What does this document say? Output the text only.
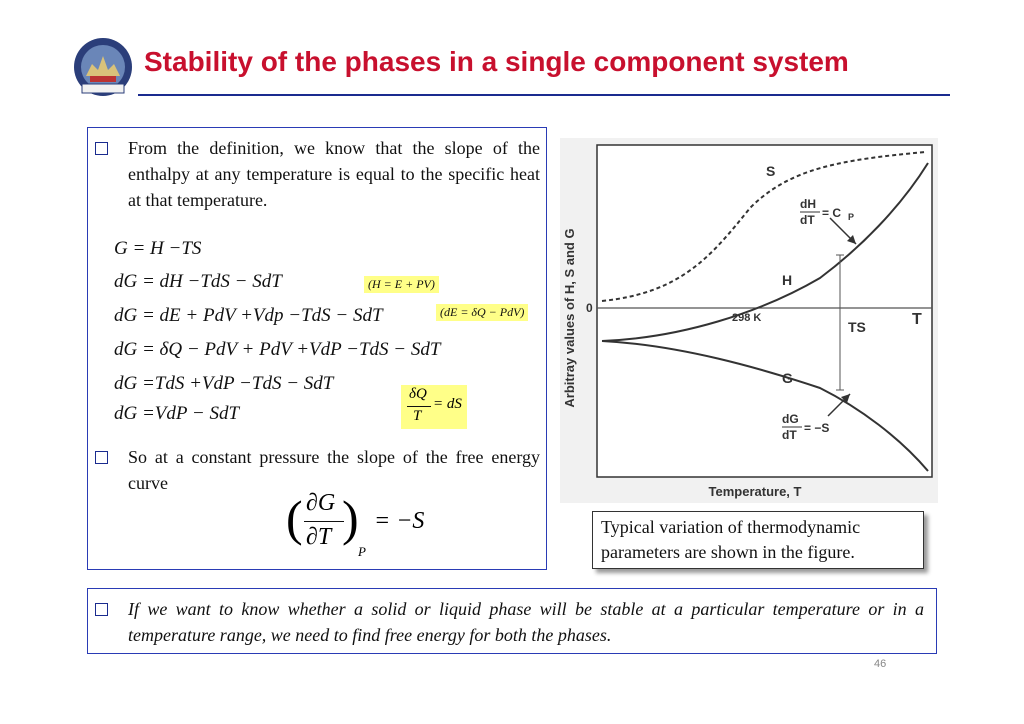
Stability of the phases in a single component system
From the definition, we know that the slope of the enthalpy at any temperature is equal to the specific heat at that temperature.
G = H −TS
dG = dH −TdS − SdT
dG = dE + PdV +Vdp −TdS − SdT
dG = δQ − PdV + PdV +VdP −TdS − SdT
dG =TdS +VdP −TdS − SdT
dG =VdP − SdT
(H = E + PV)
(dE = δQ − PdV)
δQ
T
= dS
So at a constant pressure the slope of the free energy curve
( ∂G
∂T )
P
= −S
Arbitray values of H, S and G
Temperature, T
0
T
298 K
S
H
G
TS
dH
dT = C P
dG
dT = −S
Typical variation of thermodynamic parameters are shown in the figure.
If we want to know whether a solid or liquid phase will be stable at a particular temperature or in a temperature range, we need to find free energy for both the phases.
46
